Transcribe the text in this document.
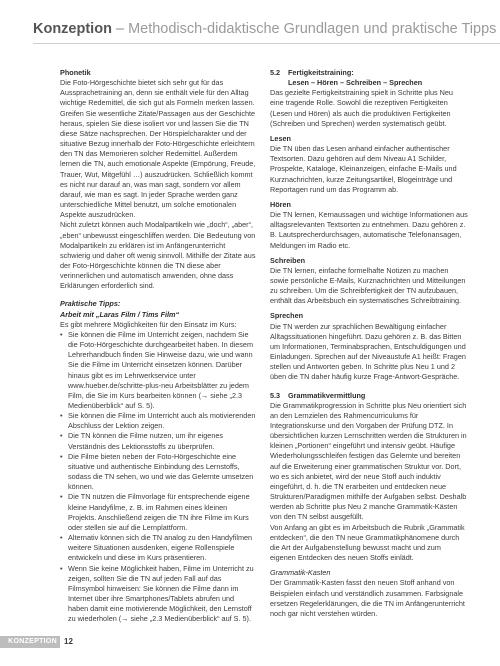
Konzeption – Methodisch-didaktische Grundlagen und praktische Tipps

Phonetik

Die Foto-Hörgeschichte bietet sich sehr gut für das Aussprachetraining an, denn sie enthält viele für den Alltag wichtige Redemittel, die sich gut als Formeln merken lassen. Greifen Sie wesentliche Zitate/Passagen aus der Geschichte heraus, spielen Sie diese isoliert vor und lassen Sie die TN diese Sätze nachsprechen. Der Hörspielcharakter und der situative Bezug innerhalb der Foto-Hörgeschichte erleichtern den TN das Memorieren solcher Redemittel. Außerdem lernen die TN, auch emotionale Aspekte (Empörung, Freude, Trauer, Wut, Mitgefühl …) auszudrücken. Schließlich kommt es nicht nur darauf an, was man sagt, sondern vor allem darauf, wie man es sagt. In jeder Sprache werden ganz unterschiedliche Mittel benutzt, um solche emotionalen Aspekte auszudrücken.

Nicht zuletzt können auch Modalpartikeln wie „doch“, „aber“, „eben“ unbewusst eingeschliffen werden. Die Bedeutung von Modalpartikeln zu erklären ist im Anfängerunterricht schwierig und daher oft wenig sinnvoll. Mithilfe der Zitate aus der Foto-Hörgeschichte können die TN diese aber verinnerlichen und automatisch anwenden, ohne dass Erklärungen erforderlich sind.

Praktische Tipps:

Arbeit mit „Laras Film / Tims Film“

Es gibt mehrere Möglichkeiten für den Einsatz im Kurs:

• Sie können die Filme im Unterricht zeigen, nachdem Sie die Foto-Hörgeschichte durchgearbeitet haben. In diesem Lehrerhandbuch finden Sie Hinweise dazu, wie und wann Sie die Filme im Unterricht einsetzen können. Darüber hinaus gibt es im Lehrwerkservice unter www.hueber.de/schritte-plus-neu Arbeitsblätter zu jedem Film, die Sie im Kurs bearbeiten können (→ siehe „2.3 Medienüberblick“ auf S. 5).
• Sie können die Filme im Unterricht auch als motivierenden Abschluss der Lektion zeigen.
• Die TN können die Filme nutzen, um ihr eigenes Verständnis des Lektionsstoffs zu überprüfen.
• Die Filme bieten neben der Foto-Hörgeschichte eine situative und authentische Einbindung des Lernstoffs, sodass die TN sehen, wo und wie das Gelernte umsetzen können.
• Die TN nutzen die Filmvorlage für entsprechende eigene kleine Handyfilme, z. B. im Rahmen eines kleinen Projekts. Anschließend zeigen die TN ihre Filme im Kurs oder stellen sie auf die Lernplattform.
• Alternativ können sich die TN analog zu den Handyfilmen weitere Situationen ausdenken, eigene Rollenspiele entwickeln und diese im Kurs präsentieren.
• Wenn Sie keine Möglichkeit haben, Filme im Unterricht zu zeigen, sollten Sie die TN auf jeden Fall auf das Filmsymbol hinweisen: Sie können die Filme dann im Internet über ihre Smartphones/Tablets abrufen und haben damit eine motivierende Möglichkeit, den Lernstoff zu wiederholen (→ siehe „2.3 Medienüberblick“ auf S. 5).
5.2	Fertigkeitstraining:
Lesen – Hören – Schreiben – Sprechen

Das gezielte Fertigkeitstraining spielt in Schritte plus Neu eine tragende Rolle. Sowohl die rezeptiven Fertigkeiten (Lesen und Hören) als auch die produktiven Fertigkeiten (Schreiben und Sprechen) werden systematisch geübt.

Lesen

Die TN üben das Lesen anhand einfacher authentischer Textsorten. Dazu gehören auf dem Niveau A1 Schilder, Prospekte, Kataloge, Kleinanzeigen, einfache E-Mails und Kurznachrichten, kurze Zeitungsartikel, Blogeinträge und Reportagen rund um das Programm ab.

Hören

Die TN lernen, Kernaussagen und wichtige Informationen aus alltagsrelevanten Textsorten zu entnehmen. Dazu gehören z. B. Lautsprecherdurchsagen, automatische Telefonansagen, Meldungen im Radio etc.

Schreiben

Die TN lernen, einfache formelhafte Notizen zu machen sowie persönliche E-Mails, Kurznachrichten und Mitteilungen zu schreiben. Um die Schreibfertigkeit der TN aufzubauen, enthält das Arbeitsbuch ein systematisches Schreibtraining.

Sprechen

Die TN werden zur sprachlichen Bewältigung einfacher Alltagssituationen hingeführt. Dazu gehören z. B. das Bitten um Informationen, Terminabsprachen, Entschuldigungen und Einladungen. Sprechen auf der Niveaustufe A1 heißt: Fragen stellen und Antworten geben. In Schritte plus Neu 1 und 2 üben die TN daher häufig kurze Frage-Antwort-Gespräche.

5.3	Grammatikvermittlung

Die Grammatikprogression in Schritte plus Neu orientiert sich an den Lernzielen des Rahmencurriculums für Integrationskurse und den Vorgaben der Prüfung DTZ. In übersichtlichen kurzen Lernschritten werden die Strukturen in kleinen „Portionen“ eingeführt und intensiv geübt. Häufige Wiederholungsschleifen festigen das Gelernte und bereiten auf die Erweiterung einer grammatischen Struktur vor. Dort, wo es sich anbietet, wird der neue Stoff auch induktiv eingeführt, d. h. die TN erarbeiten und entdecken neue Strukturen/Paradigmen mithilfe der Aufgaben selbst. Deshalb werden ab Schritte plus Neu 2 manche Grammatik-Kästen von den TN selbst ausgefüllt.

Von Anfang an gibt es im Arbeitsbuch die Rubrik „Grammatik entdecken“, die den TN neue Grammatikphänomene durch die Art der Aufgabenstellung bewusst macht und zum eigenen Entdecken des neuen Stoffs einlädt.

Grammatik-Kasten

Der Grammatik-Kasten fasst den neuen Stoff anhand von Beispielen einfach und verständlich zusammen. Farbsignale ersetzen Regelerklärungen, die die TN im Anfängerunterricht noch gar nicht verstehen würden.

KONZEPTION 12
